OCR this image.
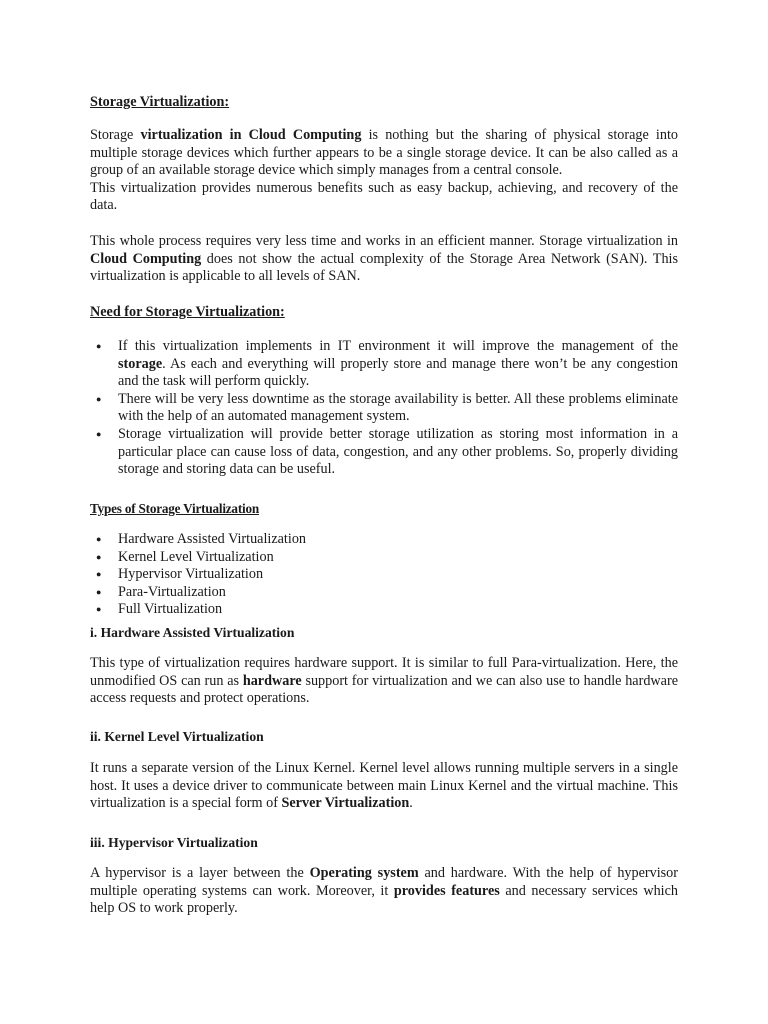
Storage Virtualization:

Storage virtualization in Cloud Computing is nothing but the sharing of physical storage into multiple storage devices which further appears to be a single storage device. It can be also called as a group of an available storage device which simply manages from a central console.
This virtualization provides numerous benefits such as easy backup, achieving, and recovery of the data.

This whole process requires very less time and works in an efficient manner. Storage virtualization in Cloud Computing does not show the actual complexity of the Storage Area Network (SAN). This virtualization is applicable to all levels of SAN.

Need for Storage Virtualization:
● If this virtualization implements in IT environment it will improve the management of the storage. As each and everything will properly store and manage there won’t be any congestion and the task will perform quickly.
● There will be very less downtime as the storage availability is better. All these problems eliminate with the help of an automated management system.
● Storage virtualization will provide better storage utilization as storing most information in a particular place can cause loss of data, congestion, and any other problems. So, properly dividing storage and storing data can be useful.
Types of Storage Virtualization
● Hardware Assisted Virtualization
● Kernel Level Virtualization
● Hypervisor Virtualization
● Para-Virtualization
● Full Virtualization
i. Hardware Assisted Virtualization

This type of virtualization requires hardware support. It is similar to full Para-virtualization. Here, the unmodified OS can run as hardware support for virtualization and we can also use to handle hardware access requests and protect operations.

ii. Kernel Level Virtualization

It runs a separate version of the Linux Kernel. Kernel level allows running multiple servers in a single host. It uses a device driver to communicate between main Linux Kernel and the virtual machine. This virtualization is a special form of Server Virtualization.

iii. Hypervisor Virtualization

A hypervisor is a layer between the Operating system and hardware. With the help of hypervisor multiple operating systems can work. Moreover, it provides features and necessary services which help OS to work properly.
